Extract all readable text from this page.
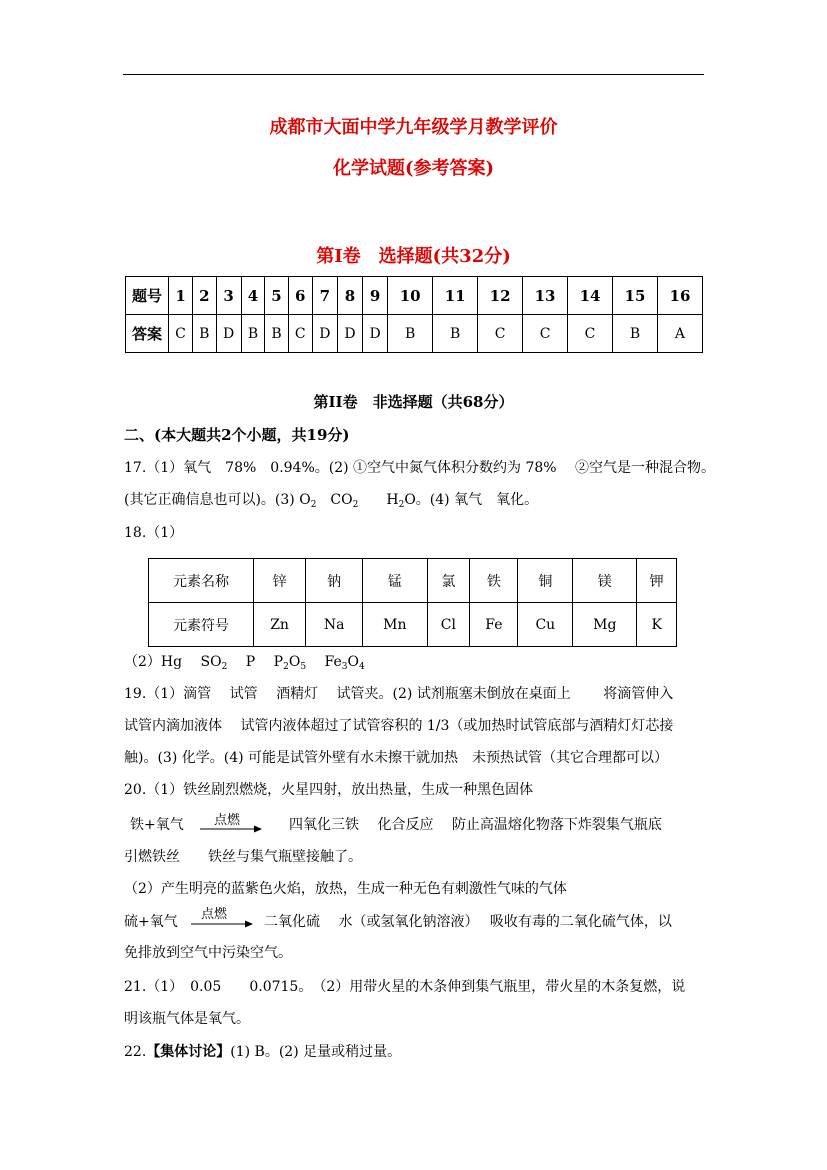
成都市大面中学九年级学月教学评价
化学试题(参考答案)
第Ⅰ卷　选择题(共32分)
题号	1	2	3	4	5	6	7	8	9	10	11	12	13	14	15	16
答案	C	B	D	B	B	C	D	D	D	B	B	C	C	C	B	A
第II卷　非选择题（共68分）
二、(本大题共2个小题，共19分)
17.（1）氧气　78%　0.94%。(2) ①空气中氮气体积分数约为 78%　 ②空气是一种混合物。
(其它正确信息也可以)。(3) $O_2$　$CO_2$　　$H_2O$。(4) 氧气　氧化。
18.（1）
元素名称	锌	钠	锰	氯	铁	铜	镁	钾
元素符号	Zn	Na	Mn	Cl	Fe	Cu	Mg	K
（2）Hg　 $SO_2$　 P　 $P_2O_5$　 $Fe_3O_4$
19.（1）滴管　 试管　 酒精灯　 试管夹。(2) 试剂瓶塞未倒放在桌面上　　 将滴管伸入
试管内滴加液体　 试管内液体超过了试管容积的 1/3（或加热时试管底部与酒精灯灯芯接
触)。(3) 化学。(4) 可能是试管外壁有水未擦干就加热　未预热试管（其它合理都可以）
20.（1）铁丝剧烈燃烧，火星四射，放出热量，生成一种黑色固体
铁+氧气 点燃	四氧化三铁　 化合反应　 防止高温熔化物落下炸裂集气瓶底
引燃铁丝　　铁丝与集气瓶壁接触了。
（2）产生明亮的蓝紫色火焰，放热，生成一种无色有刺激性气味的气体
硫+氧气 点燃 → 二氧化硫　 水（或氢氧化钠溶液）　 吸收有毒的二氧化硫气体，以
免排放到空气中污染空气。
21.（1）　0.05　　0.0715。　（2）用带火星的木条伸到集气瓶里，带火星的木条复燃，说
明该瓶气体是氧气。
22.【集体讨论】(1) B。(2) 足量或稍过量。
